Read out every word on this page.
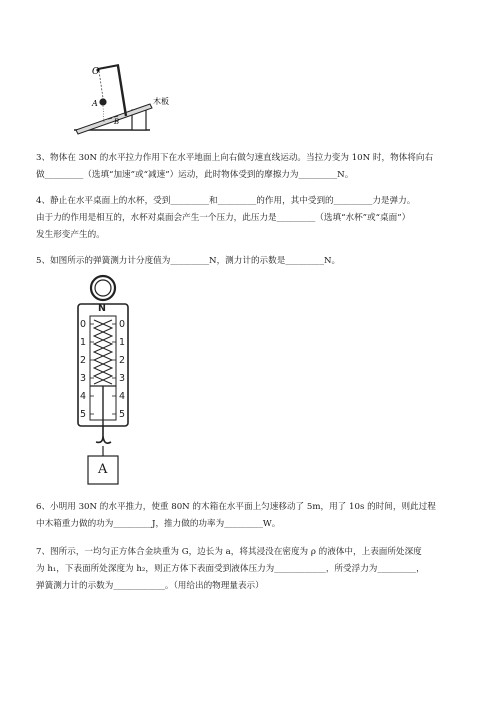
O
A
B
木板

3、物体在 30N 的水平拉力作用下在水平地面上向右做匀速直线运动。当拉力变为 10N 时，物体将向右

做_________（选填“加速”或“减速”）运动，此时物体受到的摩擦力为_________N。

4、静止在水平桌面上的水杯，受到_________和_________的作用，其中受到的_________力是弹力。

由于力的作用是相互的，水杯对桌面会产生一个压力，此压力是_________（选填“水杯”或“桌面”）

发生形变产生的。

5、如图所示的弹簧测力计分度值为_________N，测力计的示数是_________N。

N
0
1
2
3
4
5
0
1
2
3
4
5
A

6、小明用 30N 的水平推力，使重 80N 的木箱在水平面上匀速移动了 5m，用了 10s 的时间，则此过程

中木箱重力做的功为_________J，推力做的功率为_________W。

7、图所示，一均匀正方体合金块重为 G，边长为 a，将其浸没在密度为 ρ 的液体中，上表面所处深度

为 h₁，下表面所处深度为 h₂，则正方体下表面受到液体压力为____________，所受浮力为_________，

弹簧测力计的示数为____________。（用给出的物理量表示）
